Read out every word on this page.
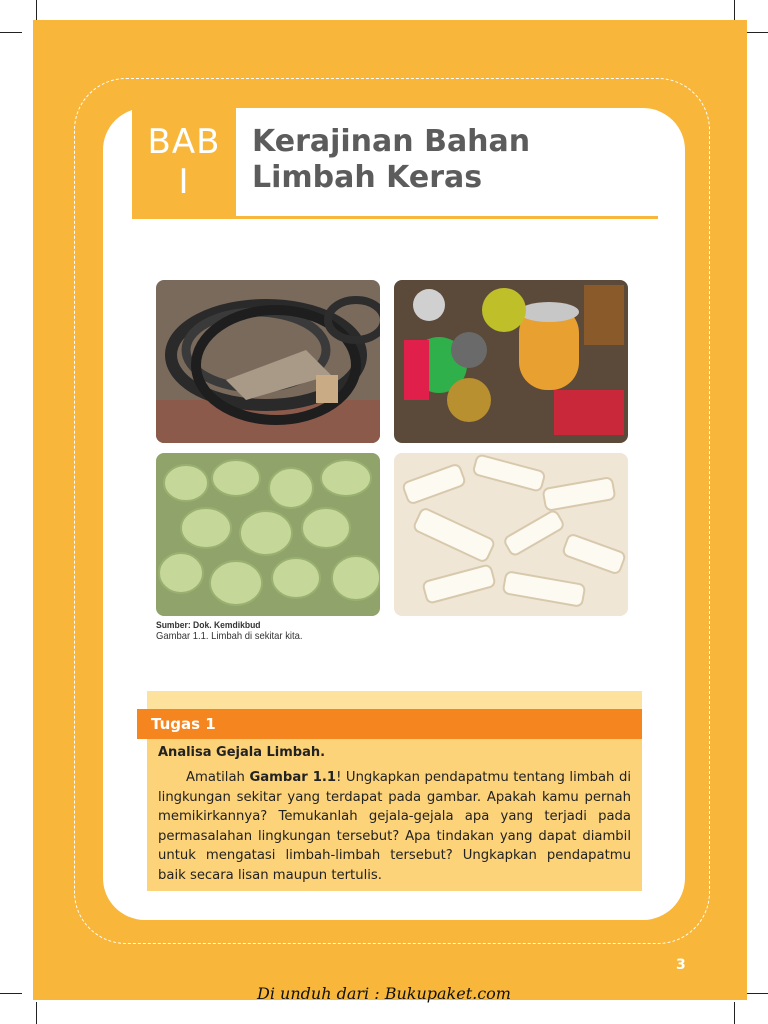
BAB
I
Kerajinan Bahan
Limbah Keras
Sumber: Dok. Kemdikbud
Gambar 1.1. Limbah di sekitar kita.
Tugas 1

Analisa Gejala Limbah.

Amatilah Gambar 1.1! Ungkapkan pendapatmu tentang limbah di lingkungan sekitar yang terdapat pada gambar. Apakah kamu pernah memikirkannya? Temukanlah gejala-gejala apa yang terjadi pada permasalahan lingkungan tersebut? Apa tindakan yang dapat diambil untuk mengatasi limbah-limbah tersebut? Ungkapkan pendapatmu baik secara lisan maupun tertulis.

3
Di unduh dari : Bukupaket.com
